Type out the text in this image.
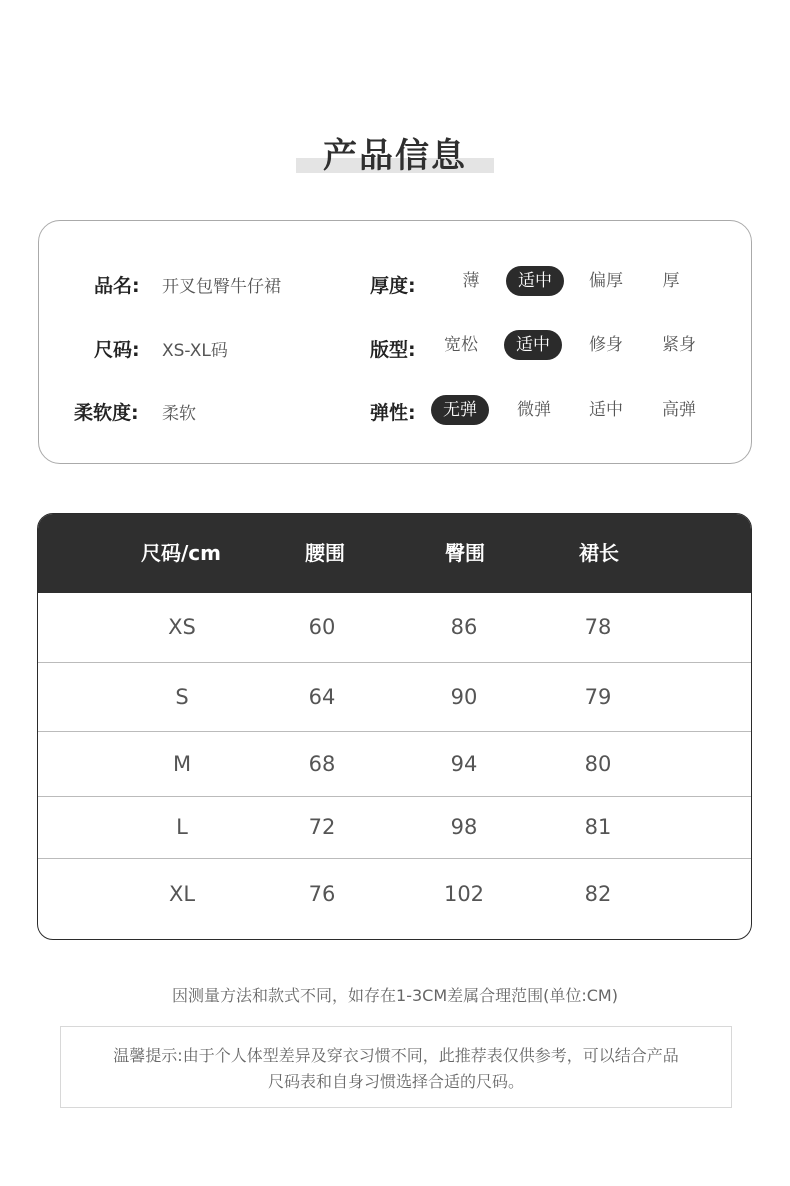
产品信息
品名: 开叉包臀牛仔裙
尺码: XS-XL码
柔软度: 柔软
厚度:	薄	适中	偏厚	厚
版型:	宽松	适中	修身	紧身
弹性:	无弹	微弹	适中	高弹
尺码/cm	腰围	臀围	裙长
XS	60	86	78
S	64	90	79
M	68	94	80
L	72	98	81
XL	76	102	82
因测量方法和款式不同，如存在1-3CM差属合理范围(单位:CM)
温馨提示:由于个人体型差异及穿衣习惯不同，此推荐表仅供参考，可以结合产品
尺码表和自身习惯选择合适的尺码。
